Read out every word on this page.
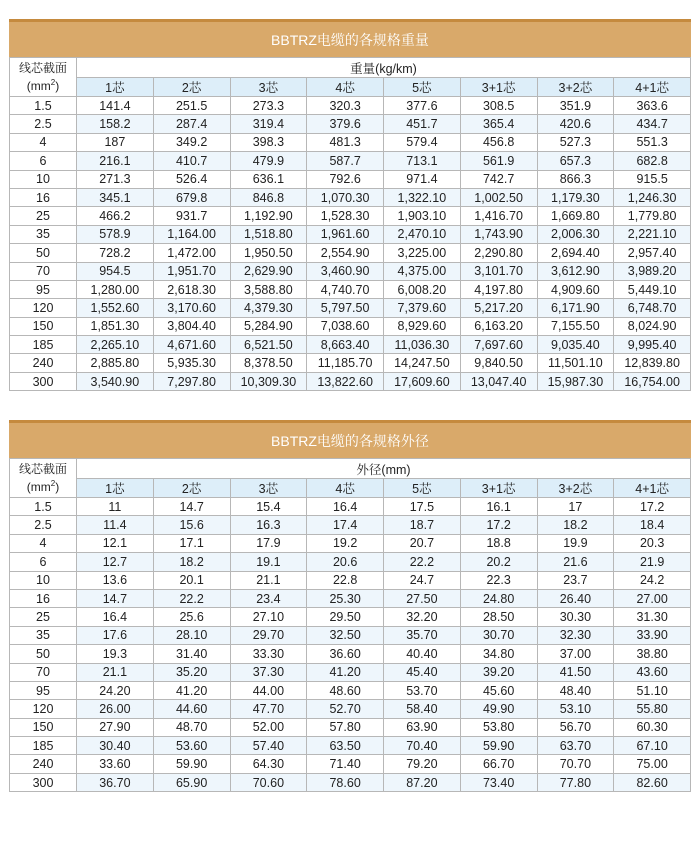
BBTRZ电缆的各规格重量
线芯截面
$(mm^2)$	重量(kg/km)							
	1芯	2芯	3芯	4芯	5芯	3+1芯	3+2芯	4+1芯
1.5	141.4	251.5	273.3	320.3	377.6	308.5	351.9	363.6
2.5	158.2	287.4	319.4	379.6	451.7	365.4	420.6	434.7
4	187	349.2	398.3	481.3	579.4	456.8	527.3	551.3
6	216.1	410.7	479.9	587.7	713.1	561.9	657.3	682.8
10	271.3	526.4	636.1	792.6	971.4	742.7	866.3	915.5
16	345.1	679.8	846.8	1,070.30	1,322.10	1,002.50	1,179.30	1,246.30
25	466.2	931.7	1,192.90	1,528.30	1,903.10	1,416.70	1,669.80	1,779.80
35	578.9	1,164.00	1,518.80	1,961.60	2,470.10	1,743.90	2,006.30	2,221.10
50	728.2	1,472.00	1,950.50	2,554.90	3,225.00	2,290.80	2,694.40	2,957.40
70	954.5	1,951.70	2,629.90	3,460.90	4,375.00	3,101.70	3,612.90	3,989.20
95	1,280.00	2,618.30	3,588.80	4,740.70	6,008.20	4,197.80	4,909.60	5,449.10
120	1,552.60	3,170.60	4,379.30	5,797.50	7,379.60	5,217.20	6,171.90	6,748.70
150	1,851.30	3,804.40	5,284.90	7,038.60	8,929.60	6,163.20	7,155.50	8,024.90
185	2,265.10	4,671.60	6,521.50	8,663.40	11,036.30	7,697.60	9,035.40	9,995.40
240	2,885.80	5,935.30	8,378.50	11,185.70	14,247.50	9,840.50	11,501.10	12,839.80
300	3,540.90	7,297.80	10,309.30	13,822.60	17,609.60	13,047.40	15,987.30	16,754.00
BBTRZ电缆的各规格外径
线芯截面
$(mm^2)$	外径(mm)							
	1芯	2芯	3芯	4芯	5芯	3+1芯	3+2芯	4+1芯
1.5	11	14.7	15.4	16.4	17.5	16.1	17	17.2
2.5	11.4	15.6	16.3	17.4	18.7	17.2	18.2	18.4
4	12.1	17.1	17.9	19.2	20.7	18.8	19.9	20.3
6	12.7	18.2	19.1	20.6	22.2	20.2	21.6	21.9
10	13.6	20.1	21.1	22.8	24.7	22.3	23.7	24.2
16	14.7	22.2	23.4	25.30	27.50	24.80	26.40	27.00
25	16.4	25.6	27.10	29.50	32.20	28.50	30.30	31.30
35	17.6	28.10	29.70	32.50	35.70	30.70	32.30	33.90
50	19.3	31.40	33.30	36.60	40.40	34.80	37.00	38.80
70	21.1	35.20	37.30	41.20	45.40	39.20	41.50	43.60
95	24.20	41.20	44.00	48.60	53.70	45.60	48.40	51.10
120	26.00	44.60	47.70	52.70	58.40	49.90	53.10	55.80
150	27.90	48.70	52.00	57.80	63.90	53.80	56.70	60.30
185	30.40	53.60	57.40	63.50	70.40	59.90	63.70	67.10
240	33.60	59.90	64.30	71.40	79.20	66.70	70.70	75.00
300	36.70	65.90	70.60	78.60	87.20	73.40	77.80	82.60
